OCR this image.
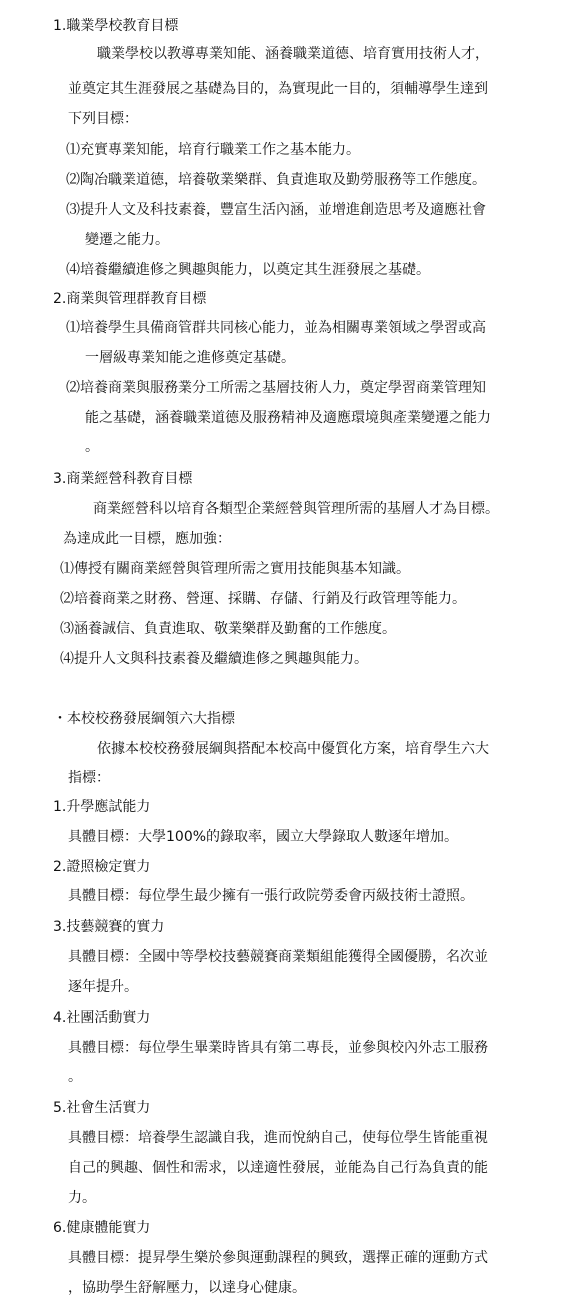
1.職業學校教育目標
職業學校以教導專業知能、涵養職業道德、培育實用技術人才，
並奠定其生涯發展之基礎為目的，為實現此一目的，須輔導學生達到
下列目標：
⑴充實專業知能，培育行職業工作之基本能力。
⑵陶冶職業道德，培養敬業樂群、負責進取及勤勞服務等工作態度。
⑶提升人文及科技素養，豐富生活內涵，並增進創造思考及適應社會
變遷之能力。
⑷培養繼續進修之興趣與能力，以奠定其生涯發展之基礎。
2.商業與管理群教育目標
⑴培養學生具備商管群共同核心能力，並為相關專業領域之學習或高
一層級專業知能之進修奠定基礎。
⑵培養商業與服務業分工所需之基層技術人力，奠定學習商業管理知
能之基礎，涵養職業道德及服務精神及適應環境與產業變遷之能力
。
3.商業經營科教育目標
商業經營科以培育各類型企業經營與管理所需的基層人才為目標。
為達成此一目標，應加強：
⑴傳授有關商業經營與管理所需之實用技能與基本知識。
⑵培養商業之財務、營運、採購、存儲、行銷及行政管理等能力。
⑶涵養誠信、負責進取、敬業樂群及勤奮的工作態度。
⑷提升人文與科技素養及繼續進修之興趣與能力。
・本校校務發展綱領六大指標
依據本校校務發展綱與搭配本校高中優質化方案，培育學生六大
指標：
1.升學應試能力
具體目標：大學100%的錄取率，國立大學錄取人數逐年增加。
2.證照檢定實力
具體目標：每位學生最少擁有一張行政院勞委會丙級技術士證照。
3.技藝競賽的實力
具體目標：全國中等學校技藝競賽商業類組能獲得全國優勝，名次並
逐年提升。
4.社團活動實力
具體目標：每位學生畢業時皆具有第二專長，並參與校內外志工服務
。
5.社會生活實力
具體目標：培養學生認識自我，進而悅納自己，使每位學生皆能重視
自己的興趣、個性和需求，以達適性發展，並能為自己行為負責的能
力。
6.健康體能實力
具體目標：提昇學生樂於參與運動課程的興致，選擇正確的運動方式
，協助學生舒解壓力，以達身心健康。
